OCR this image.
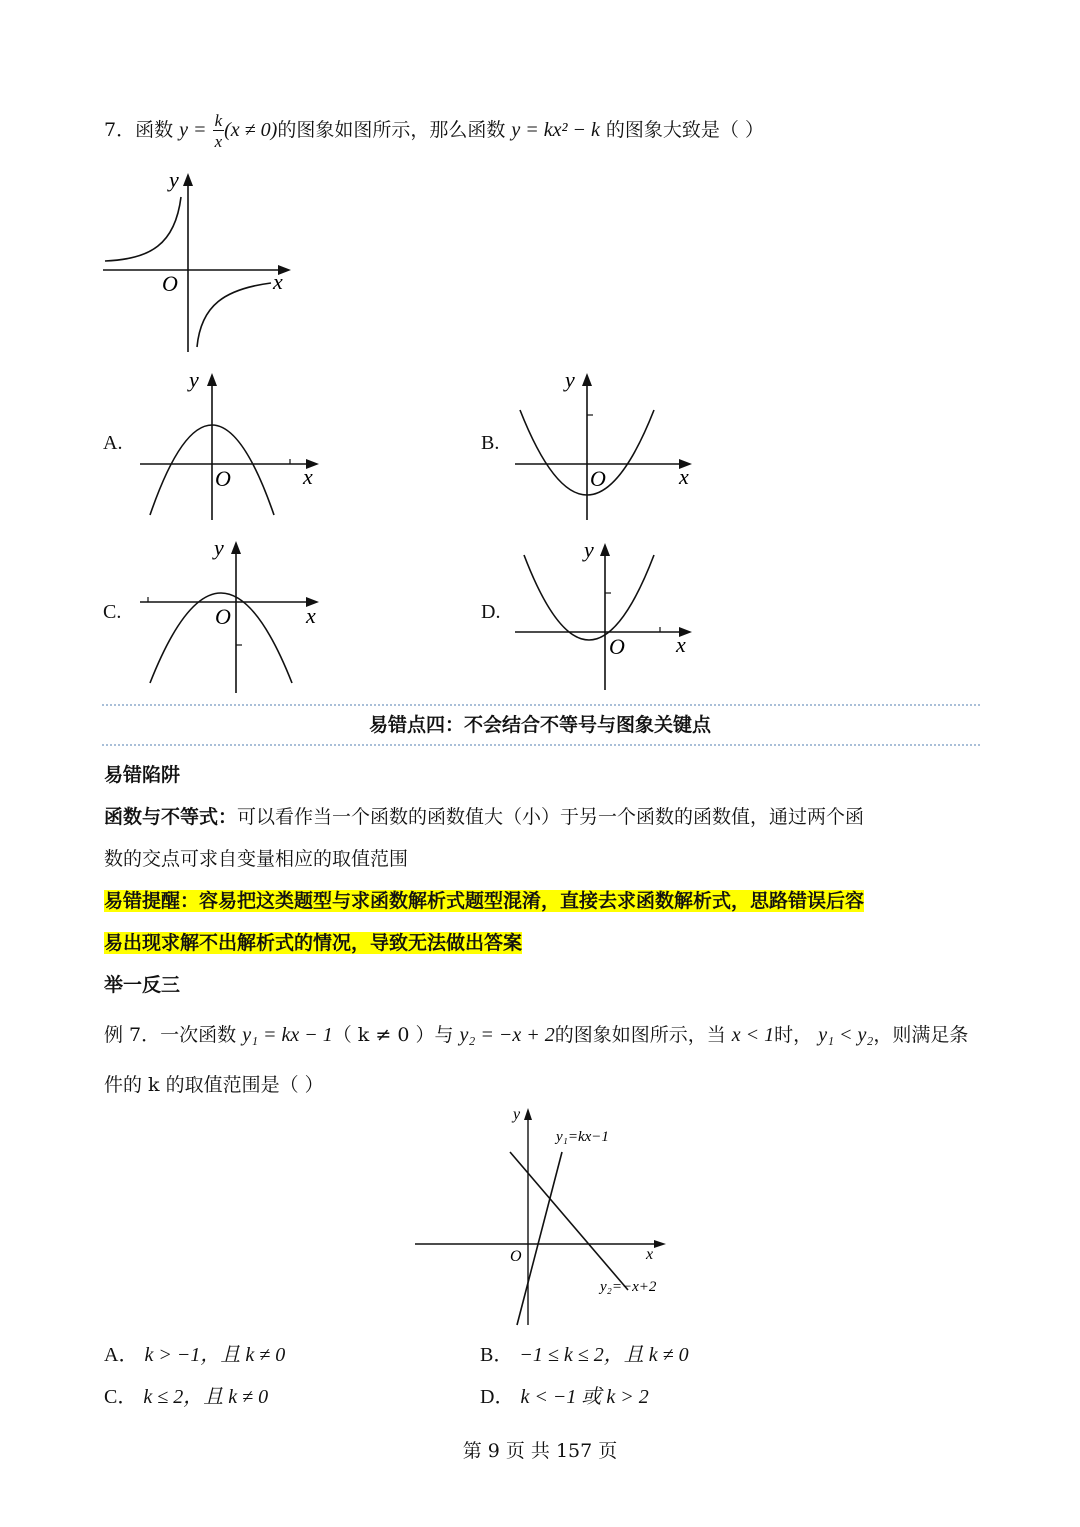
7．函数 $y = \frac{k}{x} (x \ne 0)$的图象如图所示，那么函数 y = kx² − k 的图象大致是（ ）
y
x
O
A.
y
x
O
B.
y
x
O
C.
y
x
O	D.
y
x
O
易错点四：不会结合不等号与图象关键点
易错陷阱
函数与不等式：可以看作当一个函数的函数值大（小）于另一个函数的函数值，通过两个函
数的交点可求自变量相应的取值范围
易错提醒：容易把这类题型与求函数解析式题型混淆，直接去求函数解析式，思路错误后容
易出现求解不出解析式的情况，导致无法做出答案
举一反三
例 7．一次函数 y₁ = kx − 1（ k ≠ 0 ）与 y₂ = −x + 2的图象如图所示，当 x < 1时， y₁ < y₂，则满足条
件的 k 的取值范围是（ ）
y
x
O
y₁=kx−1
y₂=−x+2
A． k > −1，且 k ≠ 0	B． −1 ≤ k ≤ 2，且 k ≠ 0
C． k ≤ 2，且 k ≠ 0	D． k < −1 或 k > 2
第 9 页 共 157 页
